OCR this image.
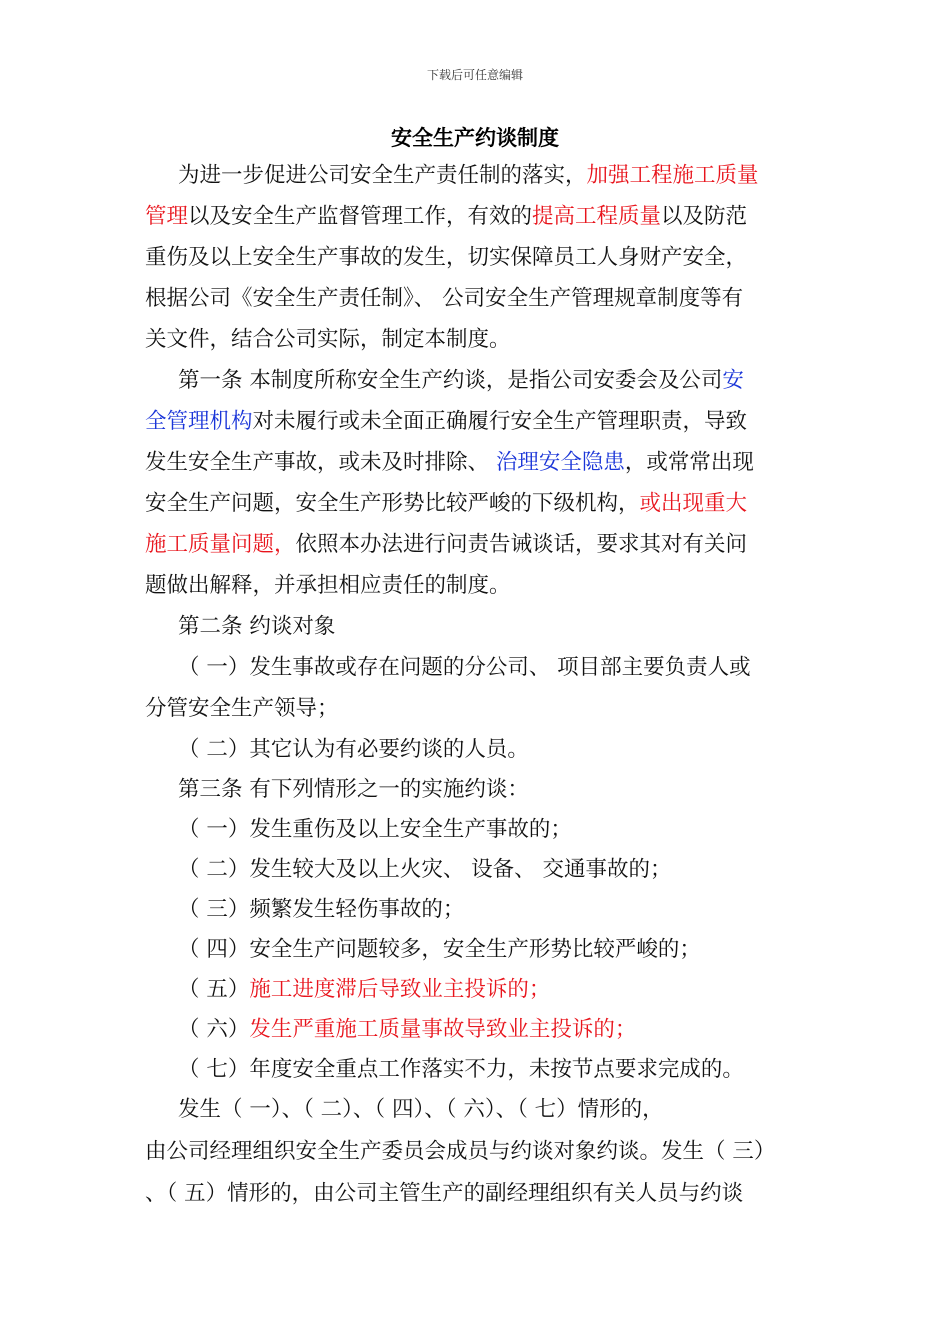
下载后可任意编辑
安全生产约谈制度
为进一步促进公司安全生产责任制的落实，加强工程施工质量
管理以及安全生产监督管理工作，有效的提高工程质量以及防范
重伤及以上安全生产事故的发生，切实保障员工人身财产安全，
根据公司《安全生产责任制》、 公司安全生产管理规章制度等有
关文件，结合公司实际，制定本制度。
第一条 本制度所称安全生产约谈，是指公司安委会及公司安
全管理机构对未履行或未全面正确履行安全生产管理职责，导致
发生安全生产事故，或未及时排除、 治理安全隐患，或常常出现
安全生产问题，安全生产形势比较严峻的下级机构，或出现重大
施工质量问题，依照本办法进行问责告诫谈话，要求其对有关问
题做出解释，并承担相应责任的制度。
第二条 约谈对象
（ 一）发生事故或存在问题的分公司、 项目部主要负责人或
分管安全生产领导；
（ 二）其它认为有必要约谈的人员。
第三条 有下列情形之一的实施约谈：
（ 一）发生重伤及以上安全生产事故的；
（ 二）发生较大及以上火灾、 设备、 交通事故的；
（ 三）频繁发生轻伤事故的；
（ 四）安全生产问题较多，安全生产形势比较严峻的；
（ 五）施工进度滞后导致业主投诉的；
（ 六）发生严重施工质量事故导致业主投诉的；
（ 七）年度安全重点工作落实不力，未按节点要求完成的。
发生（ 一）、（ 二）、（ 四）、（ 六）、（ 七）情形的，
由公司经理组织安全生产委员会成员与约谈对象约谈。发生（ 三）
、（ 五）情形的，由公司主管生产的副经理组织有关人员与约谈
